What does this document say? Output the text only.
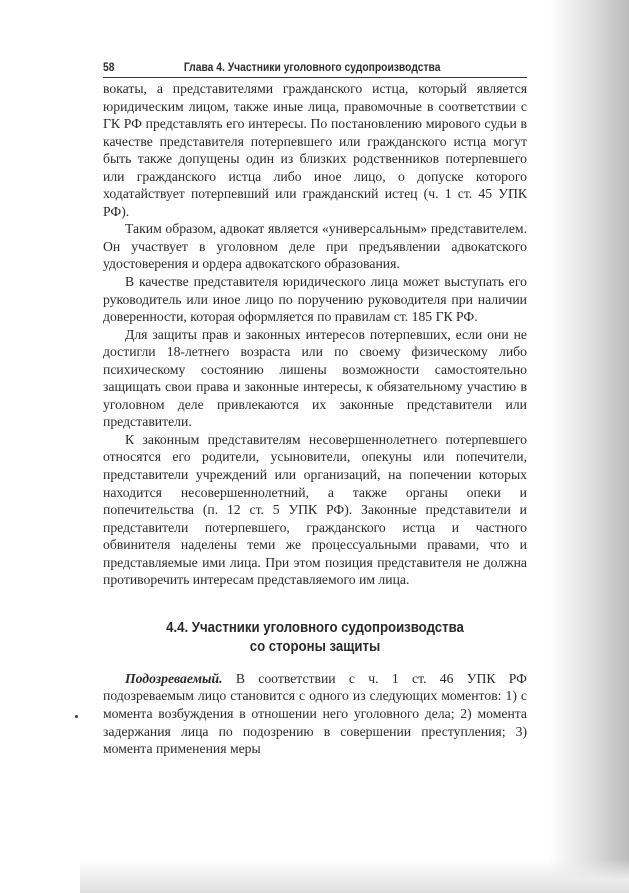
58	Глава 4. Участники уголовного судопроизводства

вокаты, а представителями гражданского истца, который является юридическим лицом, также иные лица, правомочные в соответствии с ГК РФ представлять его интересы. По постановлению мирового судьи в качестве представителя потерпевшего или гражданского истца могут быть также допущены один из близких родственников потерпевшего или гражданского истца либо иное лицо, о допуске которого ходатайствует потерпевший или гражданский истец (ч. 1 ст. 45 УПК РФ).

Таким образом, адвокат является «универсальным» представителем. Он участвует в уголовном деле при предъявлении адвокатского удостоверения и ордера адвокатского образования.

В качестве представителя юридического лица может выступать его руководитель или иное лицо по поручению руководителя при наличии доверенности, которая оформляется по правилам ст. 185 ГК РФ.

Для защиты прав и законных интересов потерпевших, если они не достигли 18-летнего возраста или по своему физическому либо психическому состоянию лишены возможности самостоятельно защищать свои права и законные интересы, к обязательному участию в уголовном деле привлекаются их законные представители или представители.

К законным представителям несовершеннолетнего потерпевшего относятся его родители, усыновители, опекуны или попечители, представители учреждений или организаций, на попечении которых находится несовершеннолетний, а также органы опеки и попечительства (п. 12 ст. 5 УПК РФ). Законные представители и представители потерпевшего, гражданского истца и частного обвинителя наделены теми же процессуальными правами, что и представляемые ими лица. При этом позиция представителя не должна противоречить интересам представляемого им лица.

4.4. Участники уголовного судопроизводства
со стороны защиты

Подозреваемый. В соответствии с ч. 1 ст. 46 УПК РФ подозреваемым лицо становится с одного из следующих моментов: 1) с момента возбуждения в отношении него уголовного дела; 2) момента задержания лица по подозрению в совершении преступления; 3) момента применения меры
